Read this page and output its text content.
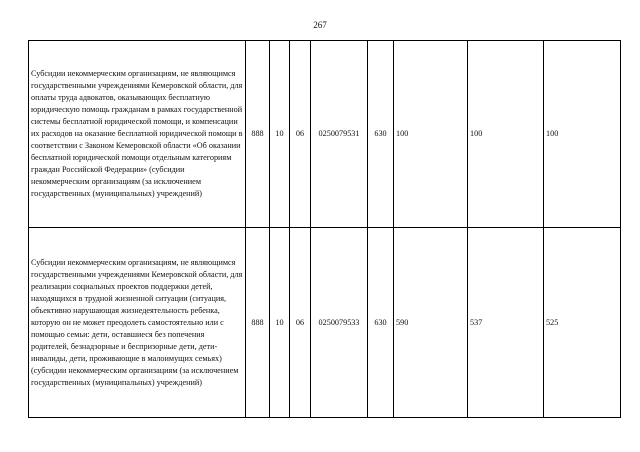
267
Субсидии некоммерческим организациям, не являющимся государственными учреждениями Кемеровской области, для оплаты труда адвокатов, оказывающих бесплатную юридическую помощь гражданам в рамках государственной системы бесплатной юридической помощи, и компенсации их расходов на оказание бесплатной юридической помощи в соответствии с Законом Кемеровской области «Об оказании бесплатной юридической помощи отдельным категориям граждан Российской Федерации» (субсидии некоммерческим организациям (за исключением государственных (муниципальных) учреждений)	888	10	06	0250079531	630	100	100	100
Субсидии некоммерческим организациям, не являющимся государственными учреждениями Кемеровской области, для реализации социальных проектов поддержки детей, находящихся в трудной жизненной ситуации (ситуация, объективно нарушающая жизнедеятельность ребенка, которую он не может преодолеть самостоятельно или с помощью семьи: дети, оставшиеся без попечения родителей, безнадзорные и беспризорные дети, дети-инвалиды, дети, проживающие в малоимущих семьях) (субсидии некоммерческим организациям (за исключением государственных (муниципальных) учреждений)	888	10	06	0250079533	630	590	537	525
